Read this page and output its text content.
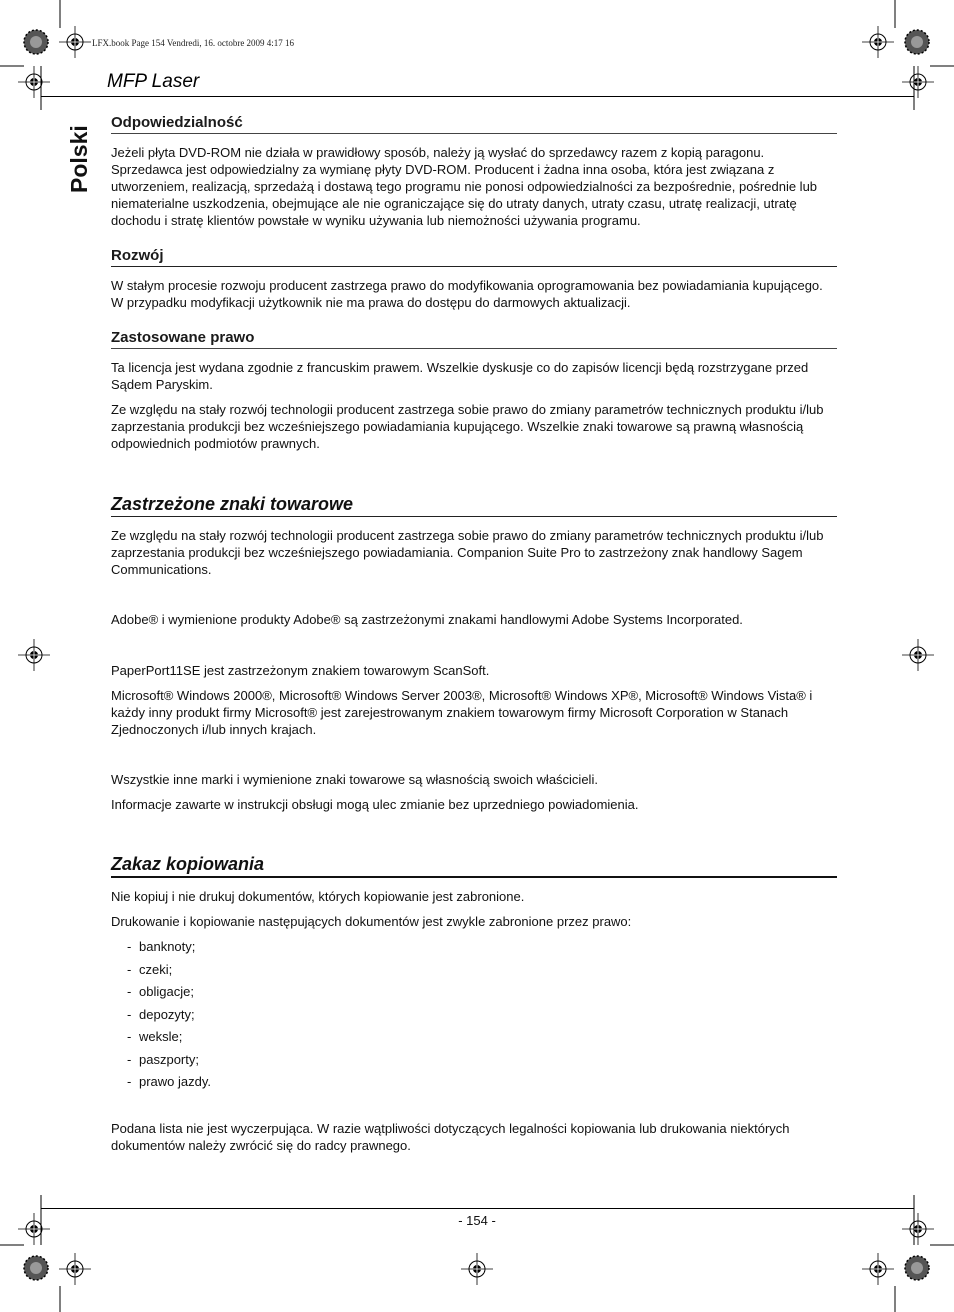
LFX.book Page 154 Vendredi, 16. octobre 2009 4:17 16
MFP Laser
Polski
Odpowiedzialność

Jeżeli płyta DVD-ROM nie działa w prawidłowy sposób, należy ją wysłać do sprzedawcy razem z kopią paragonu. Sprzedawca jest odpowiedzialny za wymianę płyty DVD-ROM. Producent i żadna inna osoba, która jest związana z utworzeniem, realizacją, sprzedażą i dostawą tego programu nie ponosi odpowiedzialności za bezpośrednie, pośrednie lub niematerialne uszkodzenia, obejmujące ale nie ograniczające się do utraty danych, utraty czasu, utratę realizacji, utratę dochodu i stratę klientów powstałe w wyniku używania lub niemożności używania programu.

Rozwój

W stałym procesie rozwoju producent zastrzega prawo do modyfikowania oprogramowania bez powiadamiania kupującego. W przypadku modyfikacji użytkownik nie ma prawa do dostępu do darmowych aktualizacji.

Zastosowane prawo

Ta licencja jest wydana zgodnie z francuskim prawem. Wszelkie dyskusje co do zapisów licencji będą rozstrzygane przed Sądem Paryskim.

Ze względu na stały rozwój technologii producent zastrzega sobie prawo do zmiany parametrów technicznych produktu i/lub zaprzestania produkcji bez wcześniejszego powiadamiania kupującego. Wszelkie znaki towarowe są prawną własnością odpowiednich podmiotów prawnych.

Zastrzeżone znaki towarowe

Ze względu na stały rozwój technologii producent zastrzega sobie prawo do zmiany parametrów technicznych produktu i/lub zaprzestania produkcji bez wcześniejszego powiadamiania. Companion Suite Pro to zastrzeżony znak handlowy Sagem Communications.

Adobe® i wymienione produkty Adobe® są zastrzeżonymi znakami handlowymi Adobe Systems Incorporated.

PaperPort11SE jest zastrzeżonym znakiem towarowym ScanSoft.

Microsoft® Windows 2000®, Microsoft® Windows Server 2003®, Microsoft® Windows XP®, Microsoft® Windows Vista® i każdy inny produkt firmy Microsoft® jest zarejestrowanym znakiem towarowym firmy Microsoft Corporation w Stanach Zjednoczonych i/lub innych krajach.

Wszystkie inne marki i wymienione znaki towarowe są własnością swoich właścicieli.

Informacje zawarte w instrukcji obsługi mogą ulec zmianie bez uprzedniego powiadomienia.

Zakaz kopiowania

Nie kopiuj i nie drukuj dokumentów, których kopiowanie jest zabronione.

Drukowanie i kopiowanie następujących dokumentów jest zwykle zabronione przez prawo:

- banknoty;
- czeki;
- obligacje;
- depozyty;
- weksle;
- paszporty;
- prawo jazdy.

Podana lista nie jest wyczerpująca. W razie wątpliwości dotyczących legalności kopiowania lub drukowania niektórych dokumentów należy zwrócić się do radcy prawnego.

- 154 -
